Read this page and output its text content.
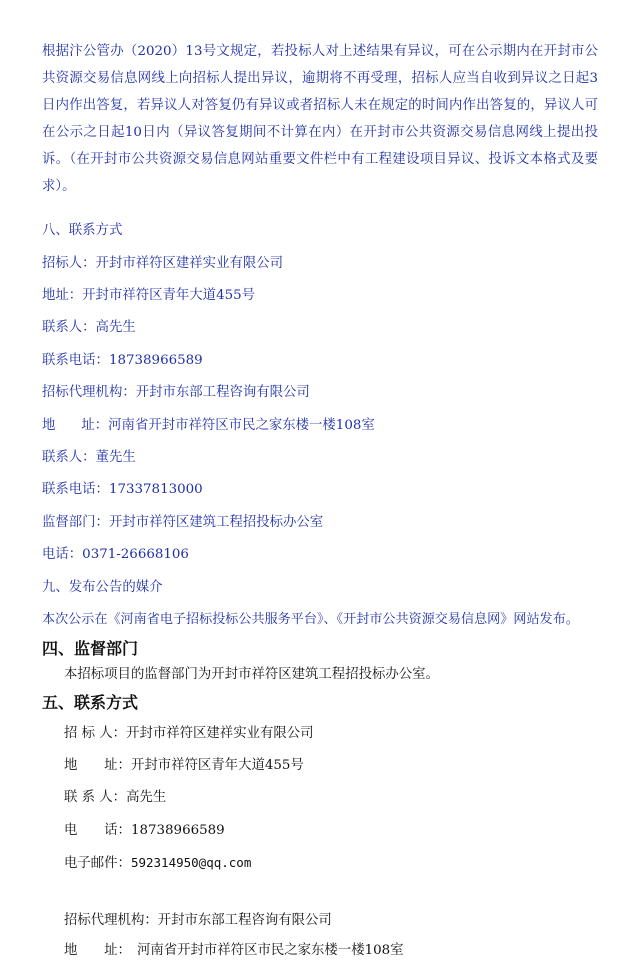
根据汴公管办（2020）13号文规定，若投标人对上述结果有异议，可在公示期内在开封市公共资源交易信息网线上向招标人提出异议，逾期将不再受理，招标人应当自收到异议之日起3日内作出答复，若异议人对答复仍有异议或者招标人未在规定的时间内作出答复的，异议人可在公示之日起10日内（异议答复期间不计算在内）在开封市公共资源交易信息网线上提出投诉。（在开封市公共资源交易信息网站重要文件栏中有工程建设项目异议、投诉文本格式及要求）。

八、联系方式
招标人：开封市祥符区建祥实业有限公司
地址：开封市祥符区青年大道455号
联系人：高先生
联系电话：18738966589
招标代理机构：开封市东部工程咨询有限公司
地 址：河南省开封市祥符区市民之家东楼一楼108室
联系人：董先生
联系电话：17337813000
监督部门：开封市祥符区建筑工程招投标办公室
电话：0371-26668106
九、发布公告的媒介
本次公示在《河南省电子招标投标公共服务平台》、《开封市公共资源交易信息网》网站发布。
四、监督部门
本招标项目的监督部门为开封市祥符区建筑工程招投标办公室。
五、联系方式
招 标 人：开封市祥符区建祥实业有限公司
地　　址：开封市祥符区青年大道455号
联 系 人：高先生
电　　话：18738966589
电子邮件：592314950@qq.com
招标代理机构：开封市东部工程咨询有限公司
地　　址： 河南省开封市祥符区市民之家东楼一楼108室
